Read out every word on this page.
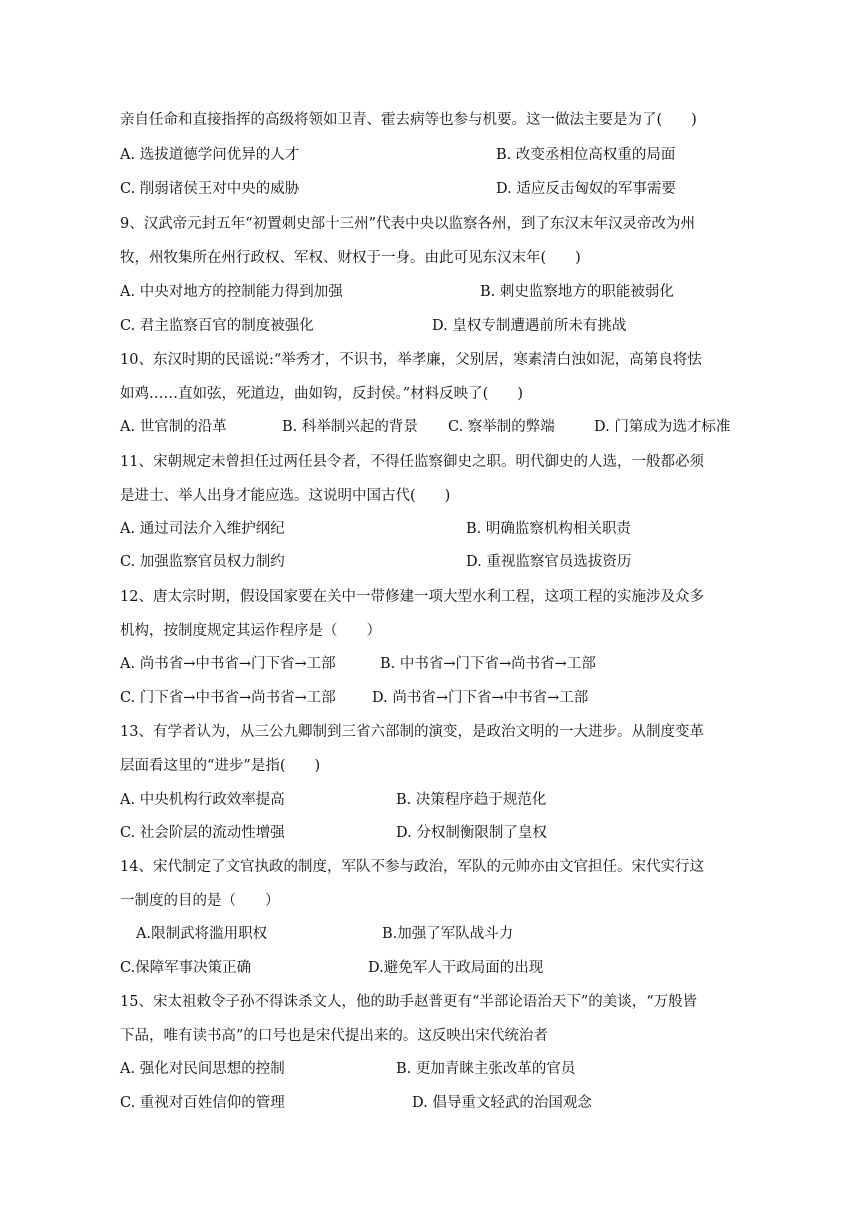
亲自任命和直接指挥的高级将领如卫青、霍去病等也参与机要。这一做法主要是为了(　　)
A. 选拔道德学问优异的人才	B. 改变丞相位高权重的局面
C. 削弱诸侯王对中央的威胁	D. 适应反击匈奴的军事需要
9、汉武帝元封五年“初置刺史部十三州”代表中央以监察各州，到了东汉末年汉灵帝改为州
牧，州牧集所在州行政权、军权、财权于一身。由此可见东汉末年(　　)
A. 中央对地方的控制能力得到加强	B. 刺史监察地方的职能被弱化
C. 君主监察百官的制度被强化	D. 皇权专制遭遇前所未有挑战
10、东汉时期的民谣说:“举秀才，不识书，举孝廉，父别居，寒素清白浊如泥，高第良将怯
如鸡……直如弦，死道边，曲如钩，反封侯。”材料反映了(　　)
A. 世官制的沿革	B. 科举制兴起的背景 C. 察举制的弊端	D. 门第成为选才标准
11、宋朝规定未曾担任过两任县令者，不得任监察御史之职。明代御史的人选，一般都必须
是进士、举人出身才能应选。这说明中国古代(　　)
A. 通过司法介入维护纲纪	B. 明确监察机构相关职责
C. 加强监察官员权力制约	D. 重视监察官员选拔资历
12、唐太宗时期，假设国家要在关中一带修建一项大型水利工程，这项工程的实施涉及众多
机构，按制度规定其运作程序是（　　）
A. 尚书省→中书省→门下省→工部	B. 中书省→门下省→尚书省→工部
C. 门下省→中书省→尚书省→工部	D. 尚书省→门下省→中书省→工部
13、有学者认为，从三公九卿制到三省六部制的演变，是政治文明的一大进步。从制度变革
层面看这里的“进步”是指(　　)
A. 中央机构行政效率提高	B. 决策程序趋于规范化
C. 社会阶层的流动性增强	D. 分权制衡限制了皇权
14、宋代制定了文官执政的制度，军队不参与政治，军队的元帅亦由文官担任。宋代实行这
一制度的目的是（　　）
A.限制武将滥用职权	B.加强了军队战斗力
C.保障军事决策正确	D.避免军人干政局面的出现
15、宋太祖敕令子孙不得诛杀文人，他的助手赵普更有“半部论语治天下”的美谈，“万般皆
下品，唯有读书高”的口号也是宋代提出来的。这反映出宋代统治者
A. 强化对民间思想的控制	B. 更加青睐主张改革的官员
C. 重视对百姓信仰的管理	D. 倡导重文轻武的治国观念
